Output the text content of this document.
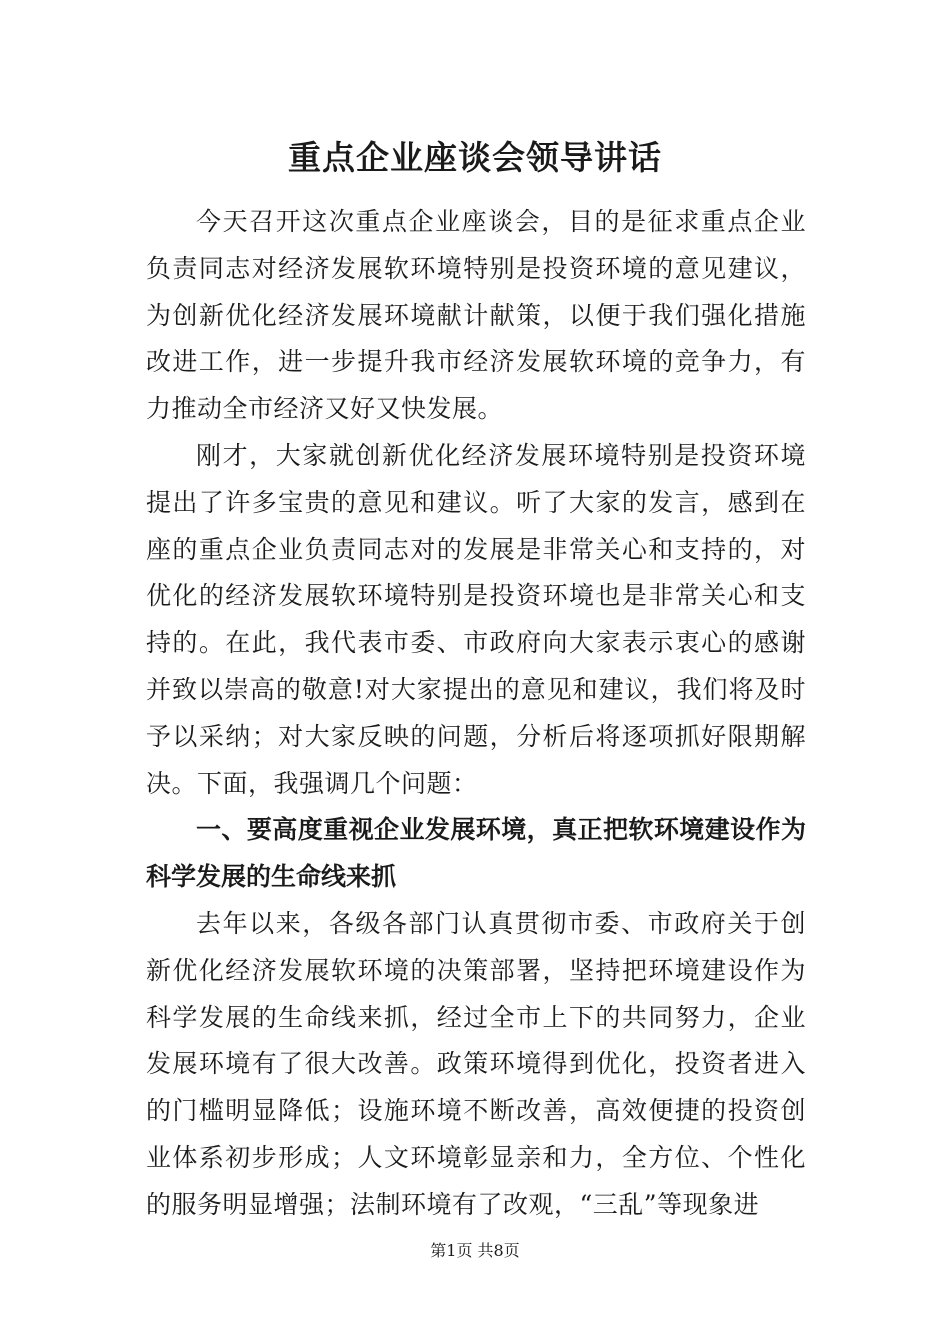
重点企业座谈会领导讲话

今天召开这次重点企业座谈会，目的是征求重点企业负责同志对经济发展软环境特别是投资环境的意见建议，为创新优化经济发展环境献计献策，以便于我们强化措施改进工作，进一步提升我市经济发展软环境的竞争力，有力推动全市经济又好又快发展。

刚才，大家就创新优化经济发展环境特别是投资环境提出了许多宝贵的意见和建议。听了大家的发言，感到在座的重点企业负责同志对的发展是非常关心和支持的，对优化的经济发展软环境特别是投资环境也是非常关心和支持的。在此，我代表市委、市政府向大家表示衷心的感谢并致以崇高的敬意!对大家提出的意见和建议，我们将及时予以采纳；对大家反映的问题，分析后将逐项抓好限期解决。下面，我强调几个问题：

一、要高度重视企业发展环境，真正把软环境建设作为科学发展的生命线来抓

去年以来，各级各部门认真贯彻市委、市政府关于创新优化经济发展软环境的决策部署，坚持把环境建设作为科学发展的生命线来抓，经过全市上下的共同努力，企业发展环境有了很大改善。政策环境得到优化，投资者进入的门槛明显降低；设施环境不断改善，高效便捷的投资创业体系初步形成；人文环境彰显亲和力，全方位、个性化的服务明显增强；法制环境有了改观，“三乱”等现象进

第1页 共8页
